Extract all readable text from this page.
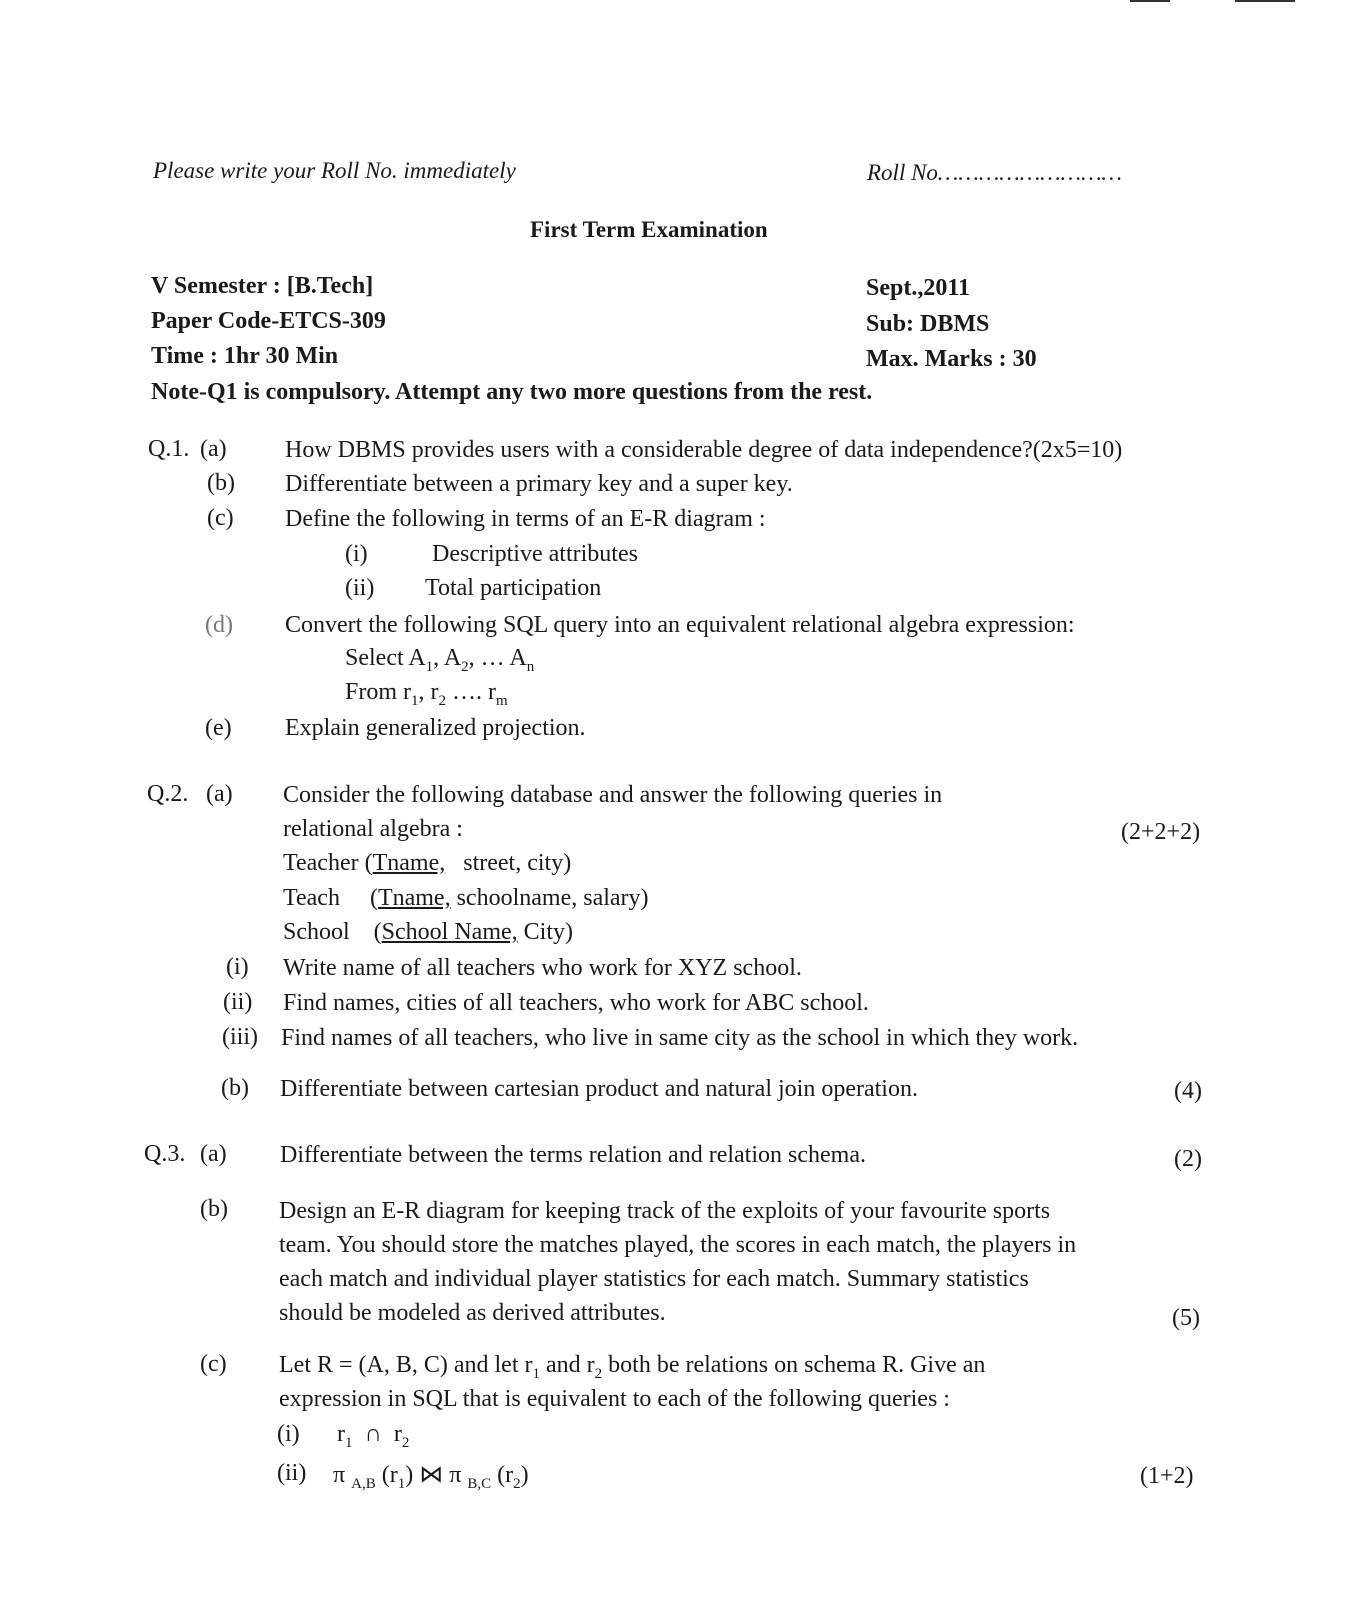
Please write your Roll No. immediately	Roll No………………………
First Term Examination
V Semester : [B.Tech]	Sept.,2011
Paper Code-ETCS-309	Sub: DBMS
Time : 1hr 30 Min	Max. Marks : 30
Note-Q1 is compulsory. Attempt any two more questions from the rest.
Q.1. (a) How DBMS provides users with a considerable degree of data independence?(2x5=10)
(b) Differentiate between a primary key and a super key.
(c) Define the following in terms of an E-R diagram :
(i)	Descriptive attributes
(ii) Total participation
(d) Convert the following SQL query into an equivalent relational algebra expression:
Select $A_1$, $A_2$, … $A_n$
From $r_1$, $r_2$ …. $r_m$
(e) Explain generalized projection.
Q.2. (a) Consider the following database and answer the following queries in
relational algebra :	(2+2+2)
Teacher (Tname, street, city)
Teach     (Tname, schoolname, salary)
School    (School Name, City)
(i) Write name of all teachers who work for XYZ school.
(ii) Find names, cities of all teachers, who work for ABC school.
(iii) Find names of all teachers, who live in same city as the school in which they work.
(b) Differentiate between cartesian product and natural join operation.	(4)
Q.3. (a) Differentiate between the terms relation and relation schema.	(2)
(b) Design an E-R diagram for keeping track of the exploits of your favourite sports
team. You should store the matches played, the scores in each match, the players in
each match and individual player statistics for each match. Summary statistics
should be modeled as derived attributes.	(5)
(c) Let R = (A, B, C) and let $r_1$ and $r_2$ both be relations on schema R. Give an
expression in SQL that is equivalent to each of the following queries :
(i) $r_1$  ∩  $r_2$
(ii) π $_{A,B}$ $(r_1)$ ⋈ π $_{B,C}$ $(r_2)$	(1+2)
